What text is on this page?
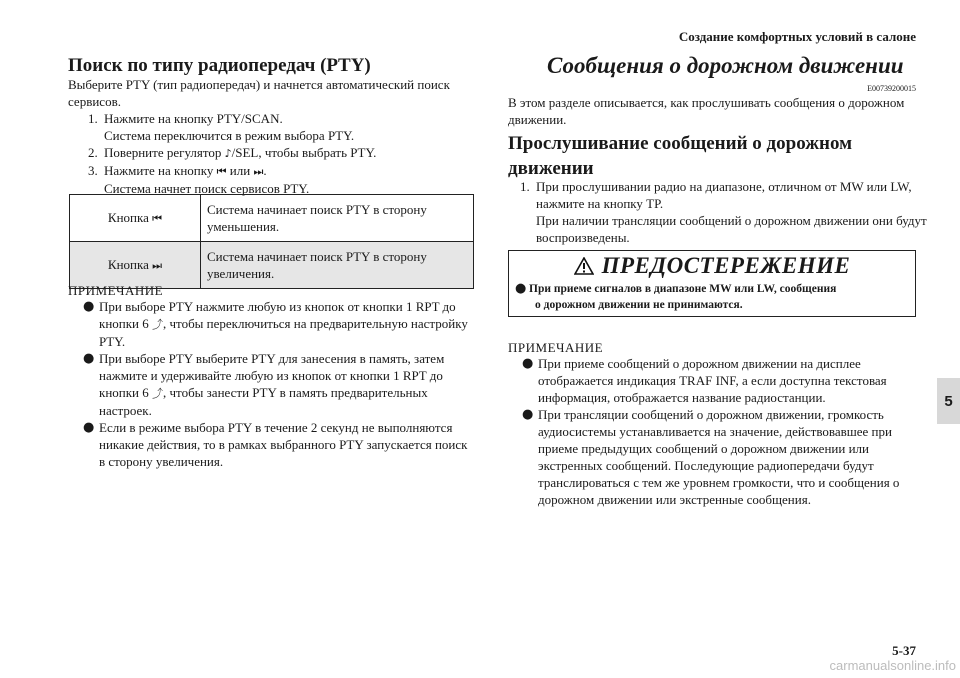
Создание комфортных условий в салоне
Поиск по типу радиопередач (PTY)
Выберите PTY (тип радиопередач) и начнется автоматический поиск сервисов.
1. Нажмите на кнопку PTY/SCAN.
Система переключится в режим выбора PTY.
2. Поверните регулятор ♪/SEL, чтобы выбрать PTY.
3. Нажмите на кнопку ⏮ или ⏭.
Система начнет поиск сервисов PTY.
Кнопка ⏮	Система начинает поиск PTY в сторону уменьшения.
Кнопка ⏭	Система начинает поиск PTY в сторону увеличения.
ПРИМЕЧАНИЕ
● При выборе PTY нажмите любую из кнопок от кнопки 1 RPT до кнопки 6 ⤴, чтобы переключиться на предварительную настройку PTY.
● При выборе PTY выберите PTY для занесения в память, затем нажмите и удерживайте любую из кнопок от кнопки 1 RPT до кнопки 6 ⤴, чтобы занести PTY в память предварительных настроек.
● Если в режиме выбора PTY в течение 2 секунд не выполняются никакие действия, то в рамках выбранного PTY запускается поиск в сторону увеличения.
Сообщения о дорожном движении
E00739200015
В этом разделе описывается, как прослушивать сообщения о дорожном движении.
Прослушивание сообщений о дорожном движении
1. При прослушивании радио на диапазоне, отличном от MW или LW, нажмите на кнопку TP.
При наличии трансляции сообщений о дорожном движении они будут воспроизведены.
ПРЕДОСТЕРЕЖЕНИЕ
● При приеме сигналов в диапазоне MW или LW, сообщения
о дорожном движении не принимаются.
ПРИМЕЧАНИЕ
● При приеме сообщений о дорожном движении на дисплее отображается индикация TRAF INF, а если доступна текстовая информация, отображается название радиостанции.
● При трансляции сообщений о дорожном движении, громкость аудиосистемы устанавливается на значение, действовавшее при приеме предыдущих сообщений о дорожном движении или экстренных сообщений. Последующие радиопередачи будут транслироваться с тем же уровнем громкости, что и сообщения о дорожном движении или экстренные сообщения.
5
5-37
carmanualsonline.info
